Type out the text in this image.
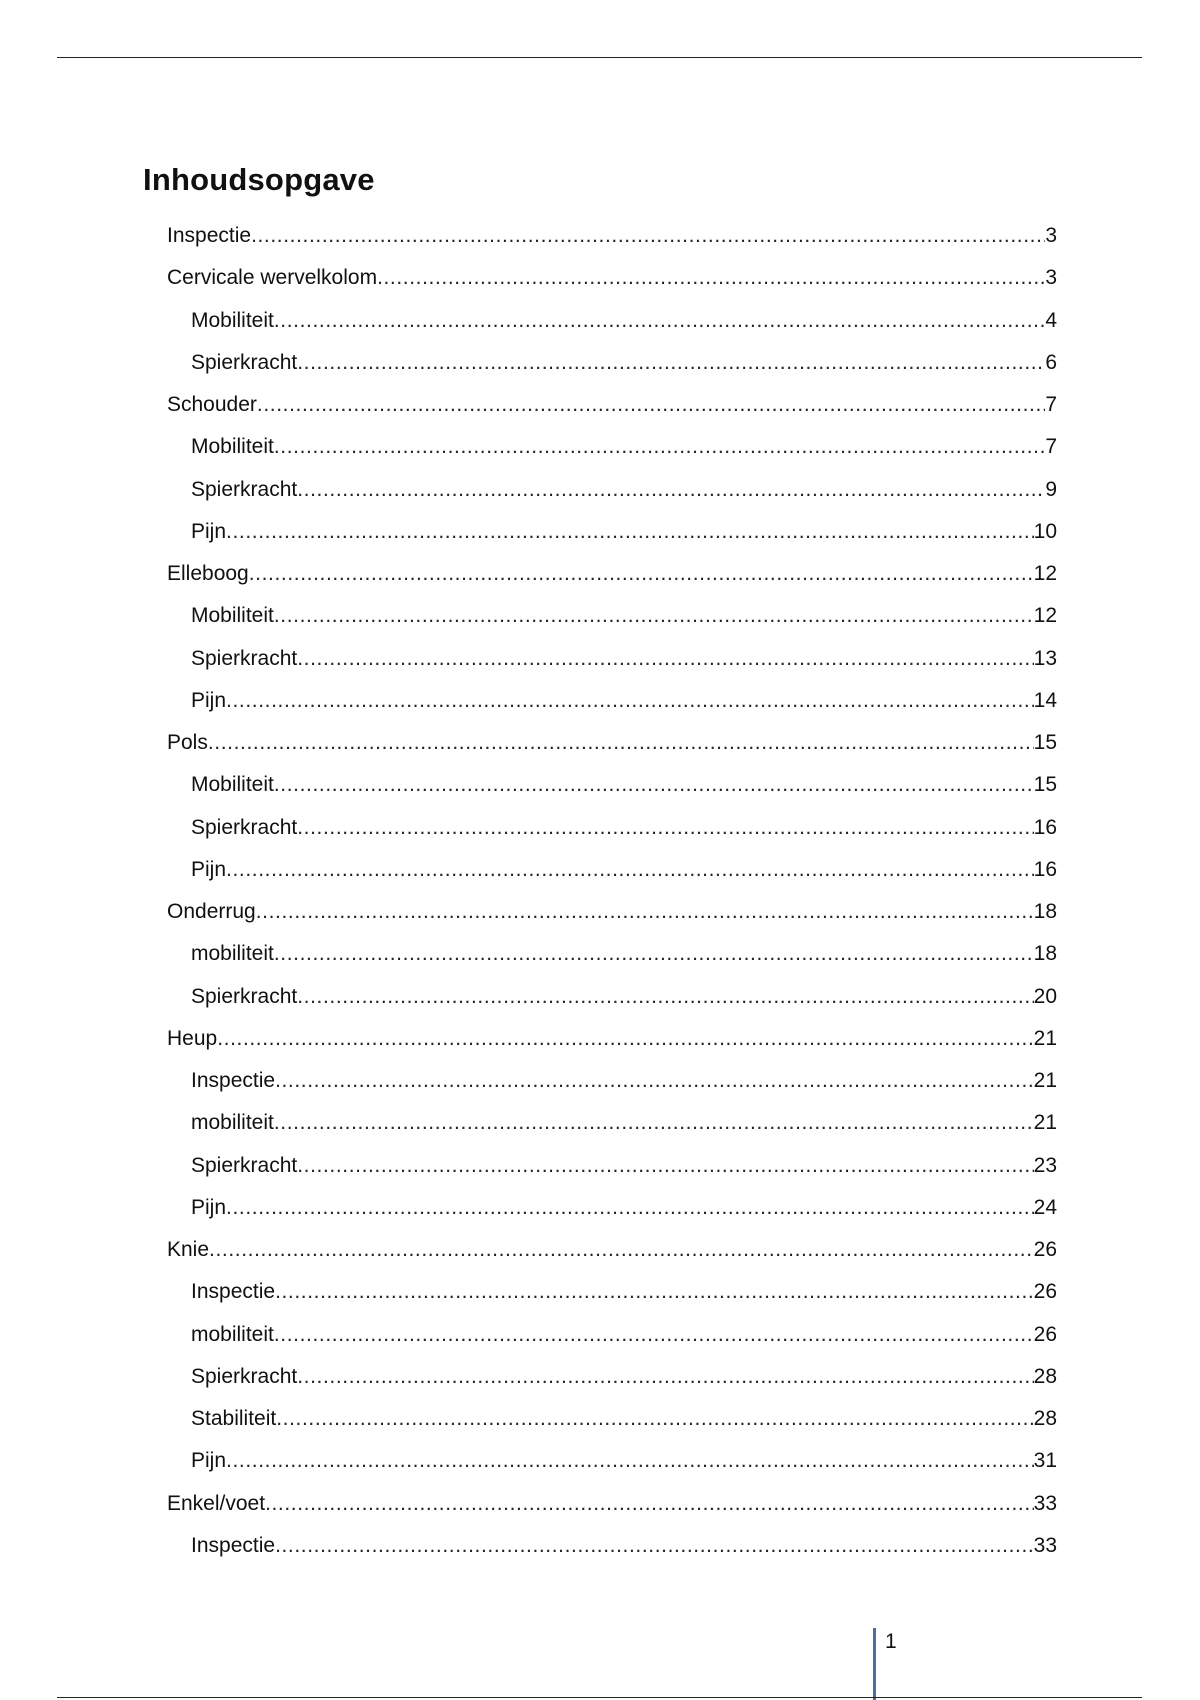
Inhoudsopgave
Inspectie .....	3
Cervicale wervelkolom .....	3
Mobiliteit .....	4
Spierkracht .....	6
Schouder .....	7
Mobiliteit .....	7
Spierkracht .....	9
Pijn .....	10
Elleboog .....	12
Mobiliteit .....	12
Spierkracht .....	13
Pijn .....	14
Pols .....	15
Mobiliteit .....	15
Spierkracht .....	16
Pijn .....	16
Onderrug .....	18
mobiliteit .....	18
Spierkracht .....	20
Heup .....	21
Inspectie .....	21
mobiliteit .....	21
Spierkracht .....	23
Pijn .....	24
Knie .....	26
Inspectie .....	26
mobiliteit .....	26
Spierkracht .....	28
Stabiliteit .....	28
Pijn .....	31
Enkel/voet .....	33
Inspectie .....	33
1
